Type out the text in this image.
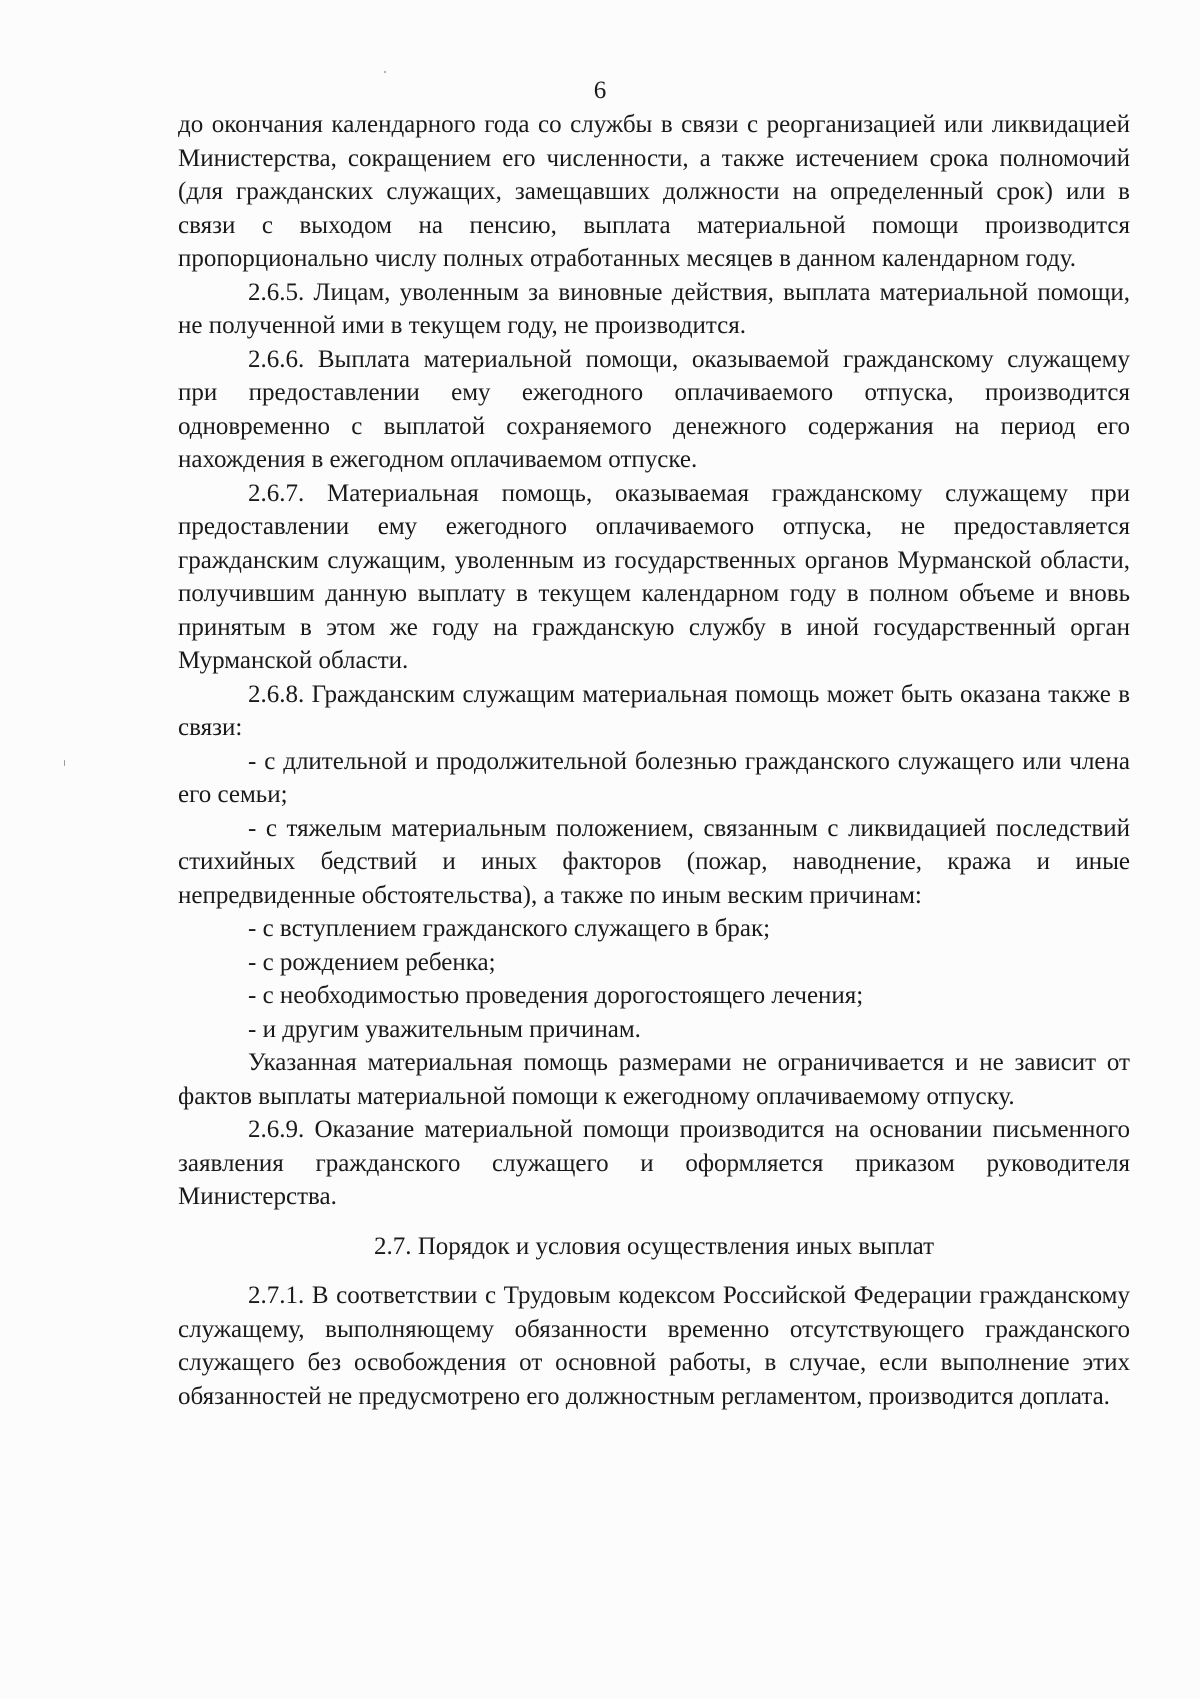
6

до окончания календарного года со службы в связи с реорганизацией или ликвидацией Министерства, сокращением его численности, а также истечением срока полномочий (для гражданских служащих, замещавших должности на определенный срок) или в связи с выходом на пенсию, выплата материальной помощи производится пропорционально числу полных отработанных месяцев в данном календарном году.

2.6.5. Лицам, уволенным за виновные действия, выплата материальной помощи, не полученной ими в текущем году, не производится.

2.6.6. Выплата материальной помощи, оказываемой гражданскому служащему при предоставлении ему ежегодного оплачиваемого отпуска, производится одновременно с выплатой сохраняемого денежного содержания на период его нахождения в ежегодном оплачиваемом отпуске.

2.6.7. Материальная помощь, оказываемая гражданскому служащему при предоставлении ему ежегодного оплачиваемого отпуска, не предоставляется гражданским служащим, уволенным из государственных органов Мурманской области, получившим данную выплату в текущем календарном году в полном объеме и вновь принятым в этом же году на гражданскую службу в иной государственный орган Мурманской области.

2.6.8. Гражданским служащим материальная помощь может быть оказана также в связи:

- с длительной и продолжительной болезнью гражданского служащего или члена его семьи;

- с тяжелым материальным положением, связанным с ликвидацией последствий стихийных бедствий и иных факторов (пожар, наводнение, кража и иные непредвиденные обстоятельства), а также по иным веским причинам:

- с вступлением гражданского служащего в брак;

- с рождением ребенка;

- с необходимостью проведения дорогостоящего лечения;

- и другим уважительным причинам.

Указанная материальная помощь размерами не ограничивается и не зависит от фактов выплаты материальной помощи к ежегодному оплачиваемому отпуску.

2.6.9. Оказание материальной помощи производится на основании письменного заявления гражданского служащего и оформляется приказом руководителя Министерства.

2.7. Порядок и условия осуществления иных выплат

2.7.1. В соответствии с Трудовым кодексом Российской Федерации гражданскому служащему, выполняющему обязанности временно отсутствующего гражданского служащего без освобождения от основной работы, в случае, если выполнение этих обязанностей не предусмотрено его должностным регламентом, производится доплата.
